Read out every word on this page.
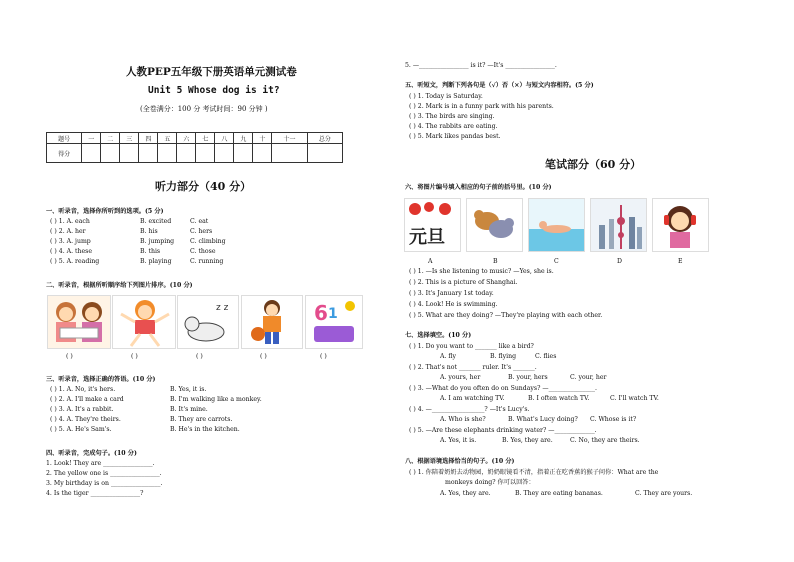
人教PEP五年级下册英语单元测试卷
Unit 5 Whose dog is it?
(全卷满分：100 分 考试时间：90 分钟 )
题号	一	二	三	四	五	六	七	八	九	十	十一	总分
得分												
听力部分（40 分）
一、听录音，选择你所听到的选项。(5 分)
( ) 1. A. each	B. excited	C. eat
( ) 2. A. her	B. his	C. hers
( ) 3. A. jump	B. jumping	C. climbing
( ) 4. A. these	B. this	C. those
( ) 5. A. reading	B. playing	C. running
二、听录音，根据所听顺序给下列图片排序。(10 分)
z z	6 1
( )	( )	( )	( )	( )
三、听录音，选择正确的答语。(10 分)
( ) 1. A. No, it's hers.	B. Yes, it is.
( ) 2. A. I'll make a card	B. I'm walking like a monkey.
( ) 3. A. It's a rabbit.	B. It's mine.
( ) 4. A. They're theirs.	B. They are carrots.
( ) 5. A. He's Sam's.	B. He's in the kitchen.
四、听录音，完成句子。(10 分)
1. Look! They are ________________.
2. The yellow one is ________________.
3. My birthday is on ________________.
4. Is the tiger ________________?
5. —________________ is it? —It's ________________.
五、听短文，判断下列各句是（√）否（×）与短文内容相符。(5 分)
( ) 1. Today is Saturday.
( ) 2. Mark is in a funny park with his parents.
( ) 3. The birds are singing.
( ) 4. The rabbits are eating.
( ) 5. Mark likes pandas best.
笔试部分（60 分）
六、将图片编号填入相应的句子前的括号里。(10 分)
元旦
A	B	C	D	E
( ) 1. —Is she listening to music? —Yes, she is.
( ) 2. This is a picture of Shanghai.
( ) 3. It's January 1st today.
( ) 4. Look! He is swimming.
( ) 5. What are they doing? —They're playing with each other.
七、选择填空。(10 分)
( ) 1. Do you want to _______ like a bird?
A. fly	B. flying	C. flies
( ) 2. That's not _______ ruler. It's _______.
A. yours, her	B. your, hers	C. your, her
( ) 3. —What do you often do on Sundays? —_______________.
A. I am watching TV.	B. I often watch TV.	C. I'll watch TV.
( ) 4. —_________________? —It's Lucy's.
A. Who is she?	B. What's Lucy doing? C. Whose is it?
( ) 5. —Are these elephants drinking water? —_____________.
A. Yes, it is.	B. Yes, they are.	C. No, they are theirs.
八、根据语境选择恰当的句子。(10 分)
( ) 1. 你陪着奶奶去动物园，奶奶眼镜看不清，指着正在吃香蕉的猴子问你：What are the
monkeys doing? 你可以回答：
A. Yes, they are.	B. They are eating bananas.	C. They are yours.
